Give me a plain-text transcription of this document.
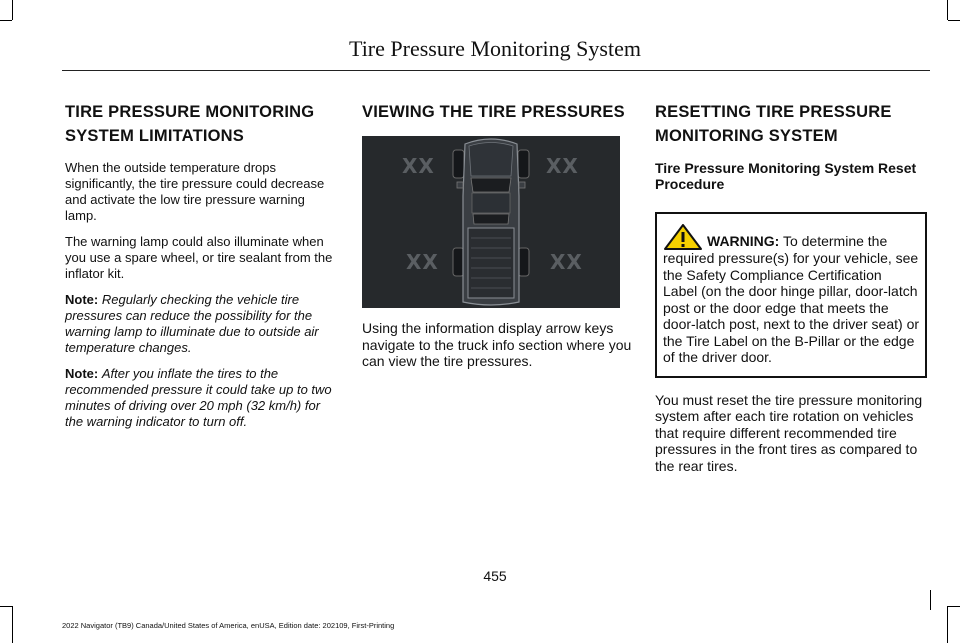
Tire Pressure Monitoring System
TIRE PRESSURE MONITORING
SYSTEM LIMITATIONS

When the outside temperature drops significantly, the tire pressure could decrease and activate the low tire pressure warning lamp.

The warning lamp could also illuminate when you use a spare wheel, or tire sealant from the inflator kit.

Note: Regularly checking the vehicle tire pressures can reduce the possibility for the warning lamp to illuminate due to outside air temperature changes.

Note: After you inflate the tires to the recommended pressure it could take up to two minutes of driving over 20 mph (32 km/h) for the warning indicator to turn off.

VIEWING THE TIRE PRESSURES
XX	XX
XX	XX

Using the information display arrow keys navigate to the truck info section where you can view the tire pressures.

RESETTING TIRE PRESSURE
MONITORING SYSTEM

Tire Pressure Monitoring System Reset Procedure

WARNING: To determine the required pressure(s) for your vehicle, see the Safety Compliance Certification Label (on the door hinge pillar, door-latch post or the door edge that meets the door-latch post, next to the driver seat) or the Tire Label on the B-Pillar or the edge of the driver door.

You must reset the tire pressure monitoring system after each tire rotation on vehicles that require different recommended tire pressures in the front tires as compared to the rear tires.

455
2022 Navigator (TB9) Canada/United States of America, enUSA, Edition date: 202109, First-Printing
